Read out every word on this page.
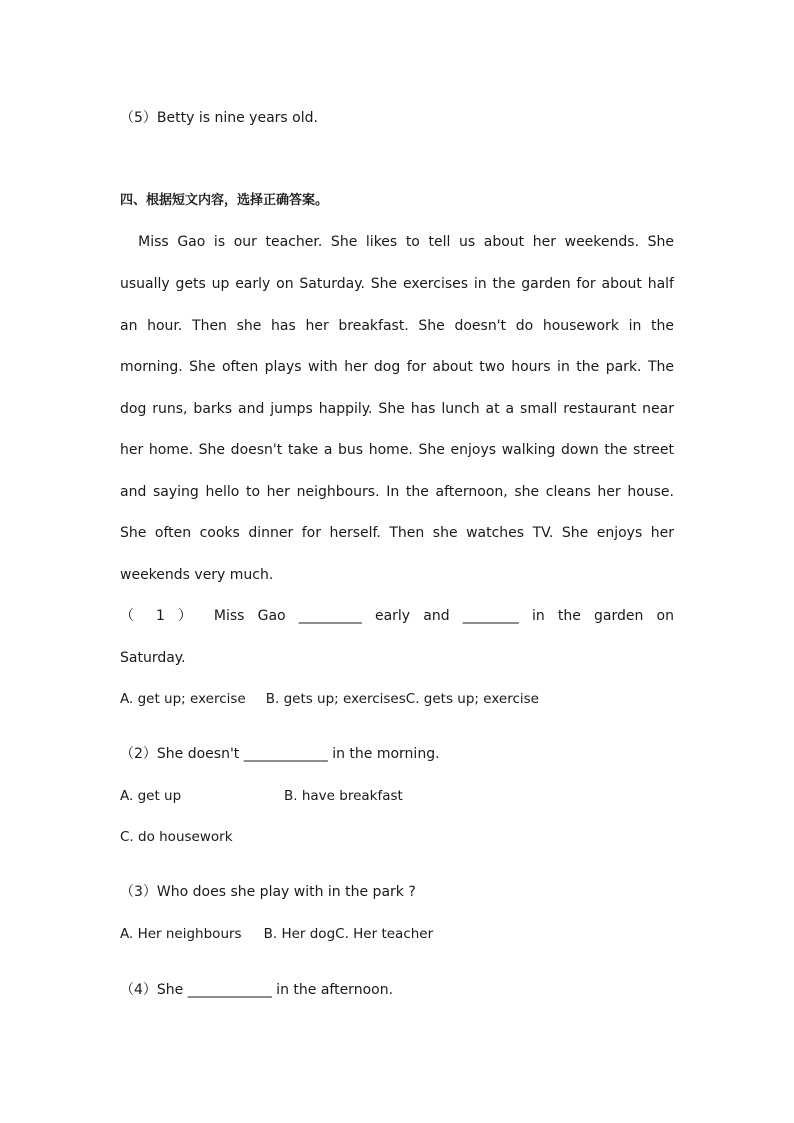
（5）Betty is nine years old.
四、根据短文内容，选择正确答案。
　Miss Gao is our teacher. She likes to tell us about her weekends. She
usually gets up early on Saturday. She exercises in the garden for about half
an hour. Then she has her breakfast. She doesn't do housework in the
morning. She often plays with her dog for about two hours in the park. The
dog runs, barks and jumps happily. She has lunch at a small restaurant near
her home. She doesn't take a bus home. She enjoys walking down the street
and saying hello to her neighbours. In the afternoon, she cleans her house.
She often cooks dinner for herself. Then she watches TV. She enjoys her
weekends very much.
（ 1 ） Miss Gao _________ early and ________ in the garden on
Saturday.
A. get up; exercise B. gets up; exercisesC. gets up; exercise
（2）She doesn't ____________ in the morning.
A. get up	B. have breakfast
C. do housework
（3）Who does she play with in the park ?
A. Her neighbours B. Her dogC. Her teacher
（4）She ____________ in the afternoon.
